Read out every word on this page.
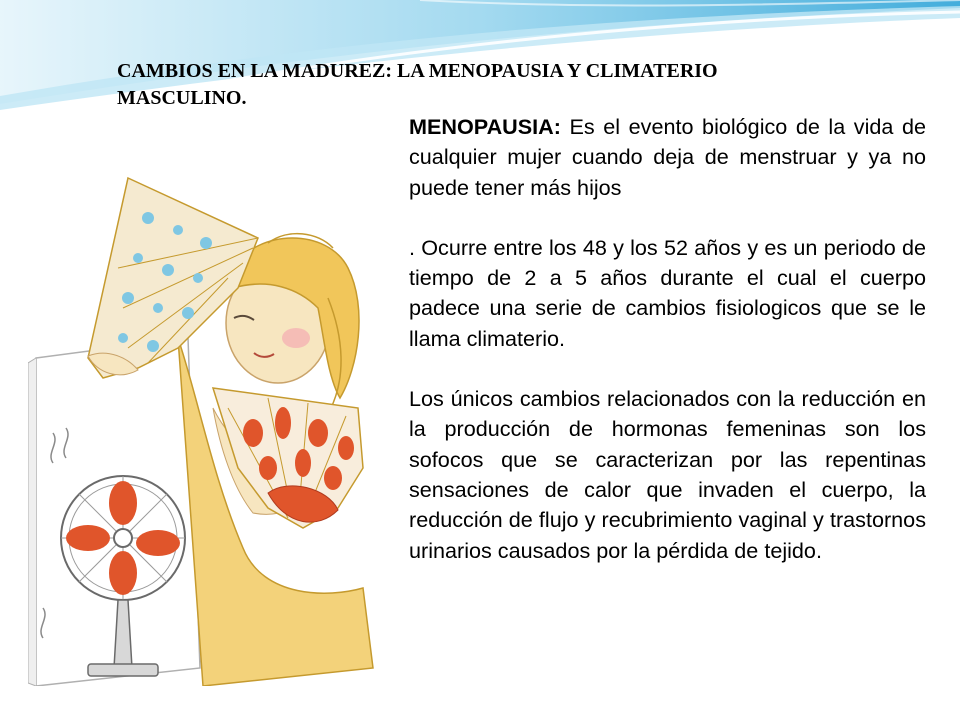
CAMBIOS EN LA MADUREZ: LA MENOPAUSIA Y CLIMATERIO MASCULINO.

MENOPAUSIA: Es el evento biológico de la vida de cualquier mujer cuando deja de menstruar y ya no puede tener más hijos

. Ocurre entre los 48 y los 52 años y es un periodo de tiempo de 2 a 5 años durante el cual el cuerpo padece una serie de cambios fisiologicos que se le llama climaterio.

Los únicos cambios relacionados con la reducción en la producción de hormonas femeninas son los sofocos que se caracterizan por las repentinas sensaciones de calor que invaden el cuerpo, la reducción de flujo y recubrimiento vaginal y trastornos urinarios causados por la pérdida de tejido.
